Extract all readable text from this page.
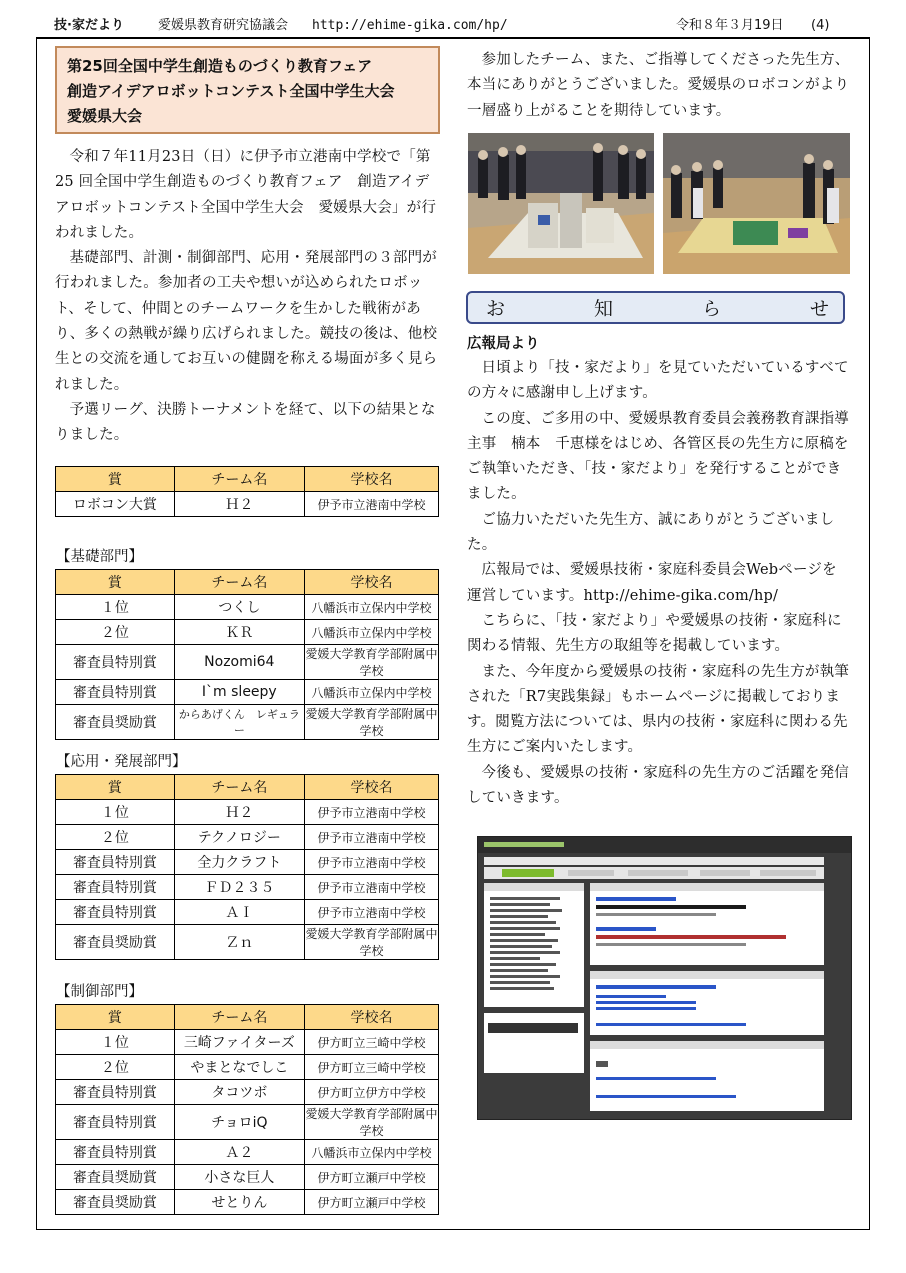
技·家だより	愛媛県教育研究協議会 http://ehime-gika.com/hp/	令和８年３月19日 (4)
第25回全国中学生創造ものづくり教育フェア
創造アイデアロボットコンテスト全国中学生大会
愛媛県大会

令和７年11月23日（日）に伊予市立港南中学校で「第 25 回全国中学生創造ものづくり教育フェア　創造アイデアロボットコンテスト全国中学生大会　愛媛県大会」が行われました。

基礎部門、計測・制御部門、応用・発展部門の３部門が行われました。参加者の工夫や想いが込められたロボット、そして、仲間とのチームワークを生かした戦術があり、多くの熱戦が繰り広げられました。競技の後は、他校生との交流を通してお互いの健闘を称える場面が多く見られました。

予選リーグ、決勝トーナメントを経て、以下の結果となりました。

賞	チーム名	学校名
ロボコン大賞	Ｈ２	伊予市立港南中学校
【基礎部門】
賞	チーム名	学校名
１位	つくし	八幡浜市立保内中学校
２位	ＫＲ	八幡浜市立保内中学校
審査員特別賞	Nozomi64	愛媛大学教育学部附属中学校
審査員特別賞	I`m sleepy	八幡浜市立保内中学校
審査員奨励賞	からあげくん　レギュラー	愛媛大学教育学部附属中学校
【応用・発展部門】
賞	チーム名	学校名
１位	Ｈ２	伊予市立港南中学校
２位	テクノロジー	伊予市立港南中学校
審査員特別賞	全力クラフト	伊予市立港南中学校
審査員特別賞	ＦＤ２３５	伊予市立港南中学校
審査員特別賞	ＡＩ	伊予市立港南中学校
審査員奨励賞	Ｚｎ	愛媛大学教育学部附属中学校
【制御部門】
賞	チーム名	学校名
１位	三崎ファイターズ	伊方町立三崎中学校
２位	やまとなでしこ	伊方町立三崎中学校
審査員特別賞	タコツボ	伊方町立伊方中学校
審査員特別賞	チョロiQ	愛媛大学教育学部附属中学校
審査員特別賞	Ａ２	八幡浜市立保内中学校
審査員奨励賞	小さな巨人	伊方町立瀬戸中学校
審査員奨励賞	せとりん	伊方町立瀬戸中学校

参加したチーム、また、ご指導してくださった先生方、本当にありがとうございました。愛媛県のロボコンがより一層盛り上がることを期待しています。

お	知	ら	せ
広報局より

日頃より「技・家だより」を見ていただいているすべての方々に感謝申し上げます。

この度、ご多用の中、愛媛県教育委員会義務教育課指導主事　楠本　千恵様をはじめ、各管区長の先生方に原稿をご執筆いただき、「技・家だより」を発行することができました。

ご協力いただいた先生方、誠にありがとうございました。

広報局では、愛媛県技術・家庭科委員会Webページを運営しています。http://ehime-gika.com/hp/

こちらに、「技・家だより」や愛媛県の技術・家庭科に関わる情報、先生方の取組等を掲載しています。

また、今年度から愛媛県の技術・家庭科の先生方が執筆された「R7実践集録」もホームページに掲載しております。閲覧方法については、県内の技術・家庭科に関わる先生方にご案内いたします。

今後も、愛媛県の技術・家庭科の先生方のご活躍を発信していきます。
